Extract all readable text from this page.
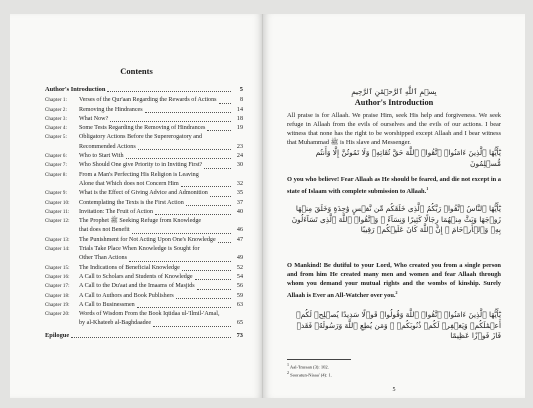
Contents
Author's Introduction	5
Chapter 1:	Verses of the Qur'aan Regarding the Rewards of Actions	8
Chapter 2:	Removing the Hindrances	14
Chapter 3:	What Now?	18
Chapter 4:	Some Tests Regarding the Removing of Hindrances	19
Chapter 5:	Obligatory Actions Before the Supererogatory and
Recommended Actions	23
Chapter 6:	Who to Start With	24
Chapter 7:	Who Should One give Priority to in Inviting First?	30
Chapter 8:	From a Man's Perfecting His Religion is Leaving
Alone that Which does not Concern Him	32
Chapter 9:	What is the Effect of Giving Advice and Admonition	35
Chapter 10:	Contemplating the Texts is the First Action	37
Chapter 11:	Invitation: The Fruit of Action	40
Chapter 12:	The Prophet ﷺ Seeking Refuge from Knowledge
that does not Benefit	46
Chapter 13:	The Punishment for Not Acting Upon One's Knowledge	47
Chapter 14:	Trials Take Place When Knowledge is Sought for
Other Than Actions	49
Chapter 15:	The Indications of Beneficial Knowledge	52
Chapter 16:	A Call to Scholars and Students of Knowledge	54
Chapter 17:	A Call to the Du'aat and the Imaams of Masjids	56
Chapter 18:	A Call to Authors and Book Publishers	59
Chapter 19:	A Call to Businessmen	63
Chapter 20:	Words of Wisdom From the Book Iqtidaa ul-'Ilmil-'Amal,
by al-Khateeb al-Baghdaadee	65
Epilogue	73
بِسۡمِ ٱللَّهِ ٱلرَّحۡمَٰنِ ٱلرَّحِيمِ
Author's Introduction
All praise is for Allaah. We praise Him, seek His help and forgiveness. We seek refuge in Allaah from the evils of ourselves and the evils of our actions. I bear witness that none has the right to be worshipped except Allaah and I bear witness that Muhammad ﷺ is His slave and Messenger.
يَٰٓأَيُّهَا ٱلَّذِينَ ءَامَنُوا۟ ٱتَّقُوا۟ ٱللَّهَ حَقَّ تُقَاتِهِۦ وَلَا تَمُوتُنَّ إِلَّا وَأَنتُم مُّسۡلِمُونَ
O you who believe! Fear Allaah as He should be feared, and die not except in a state of Islaam with complete submission to Allaah.$^1$
يَٰٓأَيُّهَا ٱلنَّاسُ ٱتَّقُوا۟ رَبَّكُمُ ٱلَّذِى خَلَقَكُم مِّن نَّفۡسٍ وَٰحِدَةٍ وَخَلَقَ مِنۡهَا زَوۡجَهَا وَبَثَّ مِنۡهُمَا رِجَالًا كَثِيرًا وَنِسَآءً ۚ وَٱتَّقُوا۟ ٱللَّهَ ٱلَّذِى تَسَآءَلُونَ بِهِۦ وَٱلۡأَرۡحَامَ ۚ إِنَّ ٱللَّهَ كَانَ عَلَيۡكُمۡ رَقِيبًا
O Mankind! Be dutiful to your Lord, Who created you from a single person and from him He created many men and women and fear Allaah through whom you demand your mutual rights and the wombs of kinship. Surely Allaah is Ever an All-Watcher over you.$^2$
يَٰٓأَيُّهَا ٱلَّذِينَ ءَامَنُوا۟ ٱتَّقُوا۟ ٱللَّهَ وَقُولُوا۟ قَوۡلًا سَدِيدًا يُصۡلِحۡ لَكُمۡ أَعۡمَٰلَكُمۡ وَيَغۡفِرۡ لَكُمۡ ذُنُوبَكُمۡ ۗ وَمَن يُطِعِ ٱللَّهَ وَرَسُولَهُۥ فَقَدۡ فَازَ فَوۡزًا عَظِيمًا
$^1$ Aal-'Imraan (3): 102.
$^2$ Sooratun-Nisaa' (4): 1.
5
